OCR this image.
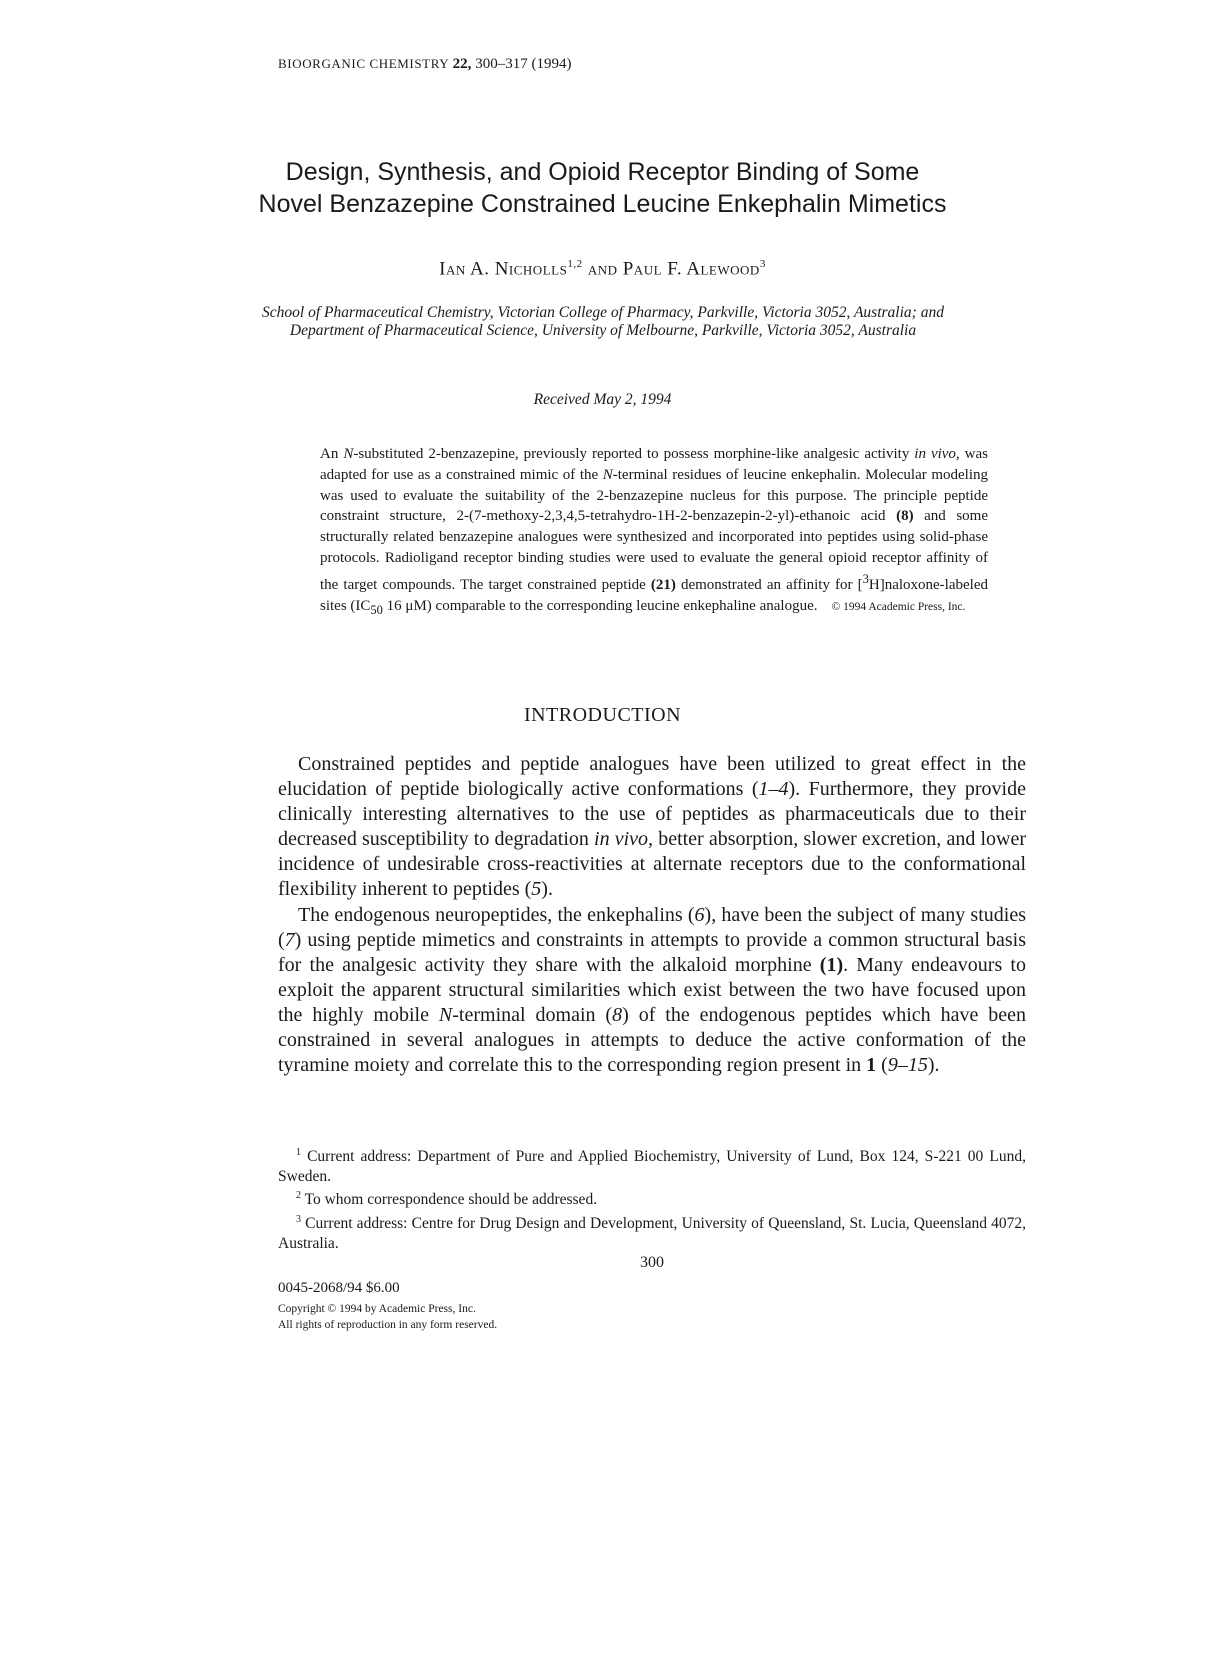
BIOORGANIC CHEMISTRY 22, 300–317 (1994)
Design, Synthesis, and Opioid Receptor Binding of Some
Novel Benzazepine Constrained Leucine Enkephalin Mimetics
Ian A. Nicholls$^{1,2}$ and Paul F. Alewood$^3$
School of Pharmaceutical Chemistry, Victorian College of Pharmacy, Parkville, Victoria 3052, Australia; and Department of Pharmaceutical Science, University of Melbourne, Parkville, Victoria 3052, Australia
Received May 2, 1994
An N-substituted 2-benzazepine, previously reported to possess morphine-like analgesic activity in vivo, was adapted for use as a constrained mimic of the N-terminal residues of leucine enkephalin. Molecular modeling was used to evaluate the suitability of the 2-benzazepine nucleus for this purpose. The principle peptide constraint structure, 2-(7-methoxy-2,3,4,5-tetrahydro-1H-2-benzazepin-2-yl)-ethanoic acid (8) and some structurally related benzazepine analogues were synthesized and incorporated into peptides using solid-phase protocols. Radioligand receptor binding studies were used to evaluate the general opioid receptor affinity of the target compounds. The target constrained peptide (21) demonstrated an affinity for [$^3$H]naloxone-labeled sites ($IC_{50}$ 16 μM) comparable to the corresponding leucine enkephaline analogue. © 1994 Academic Press, Inc.
INTRODUCTION

Constrained peptides and peptide analogues have been utilized to great effect in the elucidation of peptide biologically active conformations (1–4). Furthermore, they provide clinically interesting alternatives to the use of peptides as pharmaceuticals due to their decreased susceptibility to degradation in vivo, better absorption, slower excretion, and lower incidence of undesirable cross-reactivities at alternate receptors due to the conformational flexibility inherent to peptides (5).

The endogenous neuropeptides, the enkephalins (6), have been the subject of many studies (7) using peptide mimetics and constraints in attempts to provide a common structural basis for the analgesic activity they share with the alkaloid morphine (1). Many endeavours to exploit the apparent structural similarities which exist between the two have focused upon the highly mobile N-terminal domain (8) of the endogenous peptides which have been constrained in several analogues in attempts to deduce the active conformation of the tyramine moiety and correlate this to the corresponding region present in 1 (9–15).

$^1$ Current address: Department of Pure and Applied Biochemistry, University of Lund, Box 124, S-221 00 Lund, Sweden.

$^2$ To whom correspondence should be addressed.

$^3$ Current address: Centre for Drug Design and Development, University of Queensland, St. Lucia, Queensland 4072, Australia.

300
0045-2068/94 $6.00
Copyright © 1994 by Academic Press, Inc.
All rights of reproduction in any form reserved.
